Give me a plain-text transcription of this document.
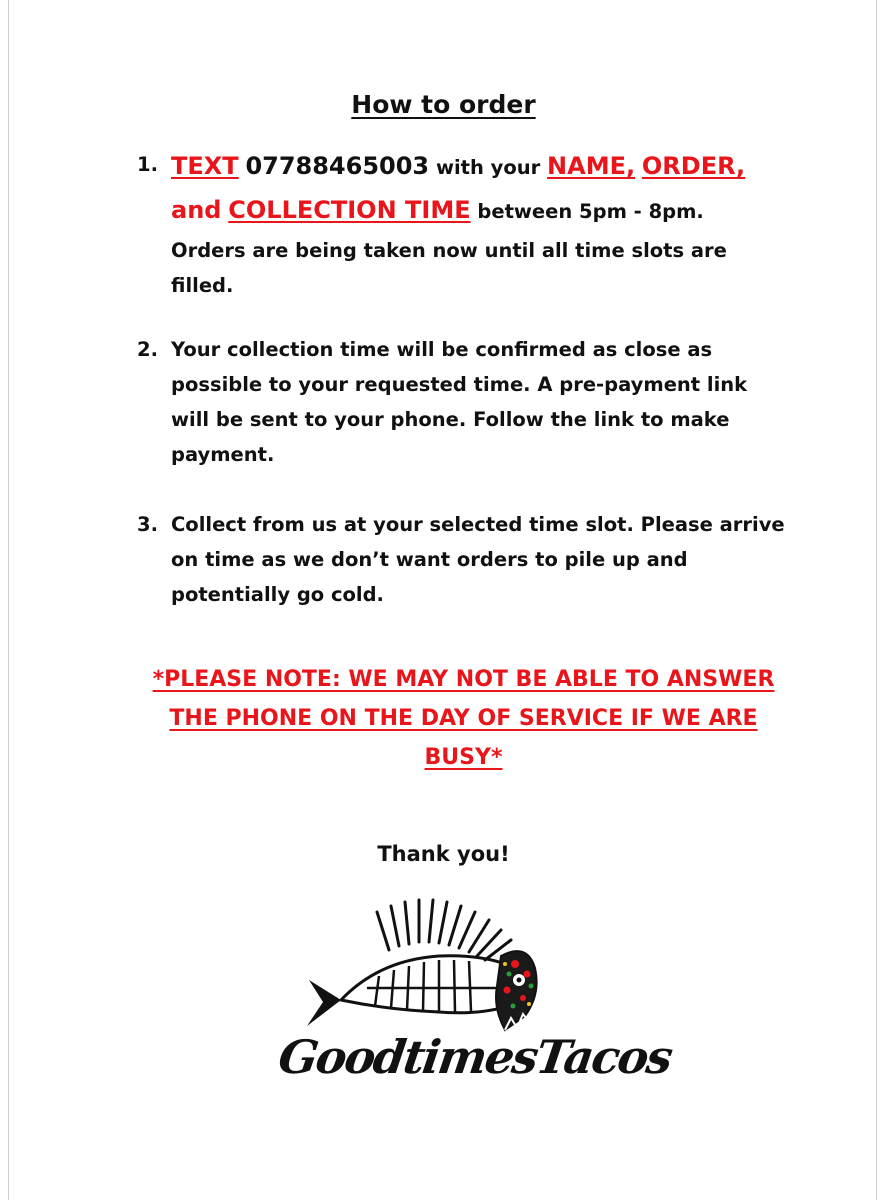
How to order
1. TEXT 07788465003 with your NAME, ORDER,
and COLLECTION TIME between 5pm - 8pm.
Orders are being taken now until all time slots are
filled.
2. Your collection time will be confirmed as close as
possible to your requested time. A pre-payment link
will be sent to your phone. Follow the link to make
payment.
3. Collect from us at your selected time slot. Please arrive
on time as we don’t want orders to pile up and
potentially go cold.
*PLEASE NOTE: WE MAY NOT BE ABLE TO ANSWER
THE PHONE ON THE DAY OF SERVICE IF WE ARE
BUSY*
Thank you!
GoodtimesTacos
